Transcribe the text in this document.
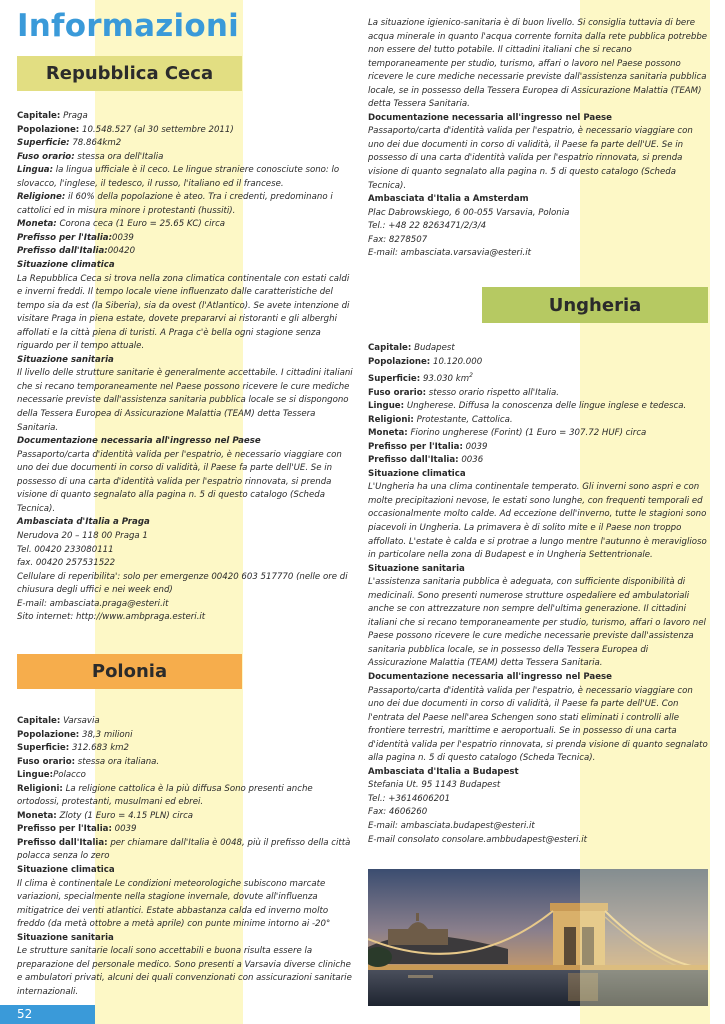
Informazioni
Repubblica Ceca

Capitale: Praga

Popolazione: 10.548.527 (al 30 settembre 2011)

Superficie: 78.864km2

Fuso orario: stessa ora dell'Italia

Lingua: la lingua ufficiale è il ceco. Le lingue straniere conosciute sono: lo slovacco, l'inglese, il tedesco, il russo, l'italiano ed il francese.

Religione: il 60% della popolazione è ateo. Tra i credenti, predominano i cattolici ed in misura minore i protestanti (hussiti).

Moneta: Corona ceca (1 Euro = 25.65 KC) circa

Prefisso per l'Italia:0039

Prefisso dall'Italia:00420

Situazione climatica

La Repubblica Ceca si trova nella zona climatica continentale con estati caldi e inverni freddi. Il tempo locale viene influenzato dalle caratteristiche del tempo sia da est (la Siberia), sia da ovest (l'Atlantico). Se avete intenzione di visitare Praga in piena estate, dovete prepararvi ai ristoranti e gli alberghi affollati e la città piena di turisti. A Praga c'è bella ogni stagione senza riguardo per il tempo attuale.

Situazione sanitaria

Il livello delle strutture sanitarie è generalmente accettabile. I cittadini italiani che si recano temporaneamente nel Paese possono ricevere le cure mediche necessarie previste dall'assistenza sanitaria pubblica locale se si dispongono della Tessera Europea di Assicurazione Malattia (TEAM) detta Tessera Sanitaria.

Documentazione necessaria all'ingresso nel Paese

Passaporto/carta d'identità valida per l'espatrio, è necessario viaggiare con uno dei due documenti in corso di validità, il Paese fa parte dell'UE. Se in possesso di una carta d'identità valida per l'espatrio rinnovata, si prenda visione di quanto segnalato alla pagina n. 5 di questo catalogo (Scheda Tecnica).

Ambasciata d'Italia a Praga

Nerudova 20 – 118 00 Praga 1

Tel. 00420 233080111

fax. 00420 257531522

Cellulare di reperibilita': solo per emergenze 00420 603 517770 (nelle ore di chiusura degli uffici e nei week end)

E-mail: ambasciata.praga@esteri.it

Sito internet: http://www.ambpraga.esteri.it

Polonia

Capitale: Varsavia

Popolazione: 38,3 milioni

Superficie: 312.683 km2

Fuso orario: stessa ora italiana.

Lingue:Polacco

Religioni: La religione cattolica è la più diffusa Sono presenti anche ortodossi, protestanti, musulmani ed ebrei.

Moneta: Zloty (1 Euro = 4.15 PLN) circa

Prefisso per l'Italia: 0039

Prefisso dall'Italia: per chiamare dall'Italia è 0048, più il prefisso della città polacca senza lo zero

Situazione climatica

Il clima è continentale Le condizioni meteorologiche subiscono marcate variazioni, specialmente nella stagione invernale, dovute all'influenza mitigatrice dei venti atlantici. Estate abbastanza calda ed inverno molto freddo (da metà ottobre a metà aprile) con punte minime intorno ai -20°

Situazione sanitaria

Le strutture sanitarie locali sono accettabili e buona risulta essere la preparazione del personale medico. Sono presenti a Varsavia diverse cliniche e ambulatori privati, alcuni dei quali convenzionati con assicurazioni sanitarie internazionali.

La situazione igienico-sanitaria è di buon livello. Si consiglia tuttavia di bere acqua minerale in quanto l'acqua corrente fornita dalla rete pubblica potrebbe non essere del tutto potabile. Il cittadini italiani che si recano temporaneamente per studio, turismo, affari o lavoro nel Paese possono ricevere le cure mediche necessarie previste dall'assistenza sanitaria pubblica locale, se in possesso della Tessera Europea di Assicurazione Malattia (TEAM) detta Tessera Sanitaria.

Documentazione necessaria all'ingresso nel Paese

Passaporto/carta d'identità valida per l'espatrio, è necessario viaggiare con uno dei due documenti in corso di validità, il Paese fa parte dell'UE. Se in possesso di una carta d'identità valida per l'espatrio rinnovata, si prenda visione di quanto segnalato alla pagina n. 5 di questo catalogo (Scheda Tecnica).

Ambasciata d'Italia a Amsterdam

Plac Dabrowskiego, 6 00-055 Varsavia, Polonia

Tel.: +48 22 8263471/2/3/4

Fax: 8278507

E-mail: ambasciata.varsavia@esteri.it

Ungheria

Capitale: Budapest

Popolazione: 10.120.000

Superficie: 93.030 $km^2$

Fuso orario: stesso orario rispetto all'Italia.

Lingue: Ungherese. Diffusa la conoscenza delle lingue inglese e tedesca.

Religioni: Protestante, Cattolica.

Moneta: Fiorino ungherese (Forint) (1 Euro = 307.72 HUF) circa

Prefisso per l'Italia: 0039

Prefisso dall'Italia: 0036

Situazione climatica

L'Ungheria ha una clima continentale temperato. Gli inverni sono aspri e con molte precipitazioni nevose, le estati sono lunghe, con frequenti temporali ed occasionalmente molto calde. Ad eccezione dell'inverno, tutte le stagioni sono piacevoli in Ungheria. La primavera è di solito mite e il Paese non troppo affollato. L'estate è calda e si protrae a lungo mentre l'autunno è meraviglioso in particolare nella zona di Budapest e in Ungheria Settentrionale.

Situazione sanitaria

L'assistenza sanitaria pubblica è adeguata, con sufficiente disponibilità di medicinali. Sono presenti numerose strutture ospedaliere ed ambulatoriali anche se con attrezzature non sempre dell'ultima generazione. Il cittadini italiani che si recano temporaneamente per studio, turismo, affari o lavoro nel Paese possono ricevere le cure mediche necessarie previste dall'assistenza sanitaria pubblica locale, se in possesso della Tessera Europea di Assicurazione Malattia (TEAM) detta Tessera Sanitaria.

Documentazione necessaria all'ingresso nel Paese

Passaporto/carta d'identità valida per l'espatrio, è necessario viaggiare con uno dei due documenti in corso di validità, il Paese fa parte dell'UE. Con l'entrata del Paese nell'area Schengen sono stati eliminati i controlli alle frontiere terrestri, marittime e aeroportuali. Se in possesso di una carta d'identità valida per l'espatrio rinnovata, si prenda visione di quanto segnalato alla pagina n. 5 di questo catalogo (Scheda Tecnica).

Ambasciata d'Italia a Budapest

Stefania Ut. 95 1143 Budapest

Tel.: +3614606201

Fax: 4606260

E-mail: ambasciata.budapest@esteri.it

E-mail consolato consolare.ambbudapest@esteri.it

52
